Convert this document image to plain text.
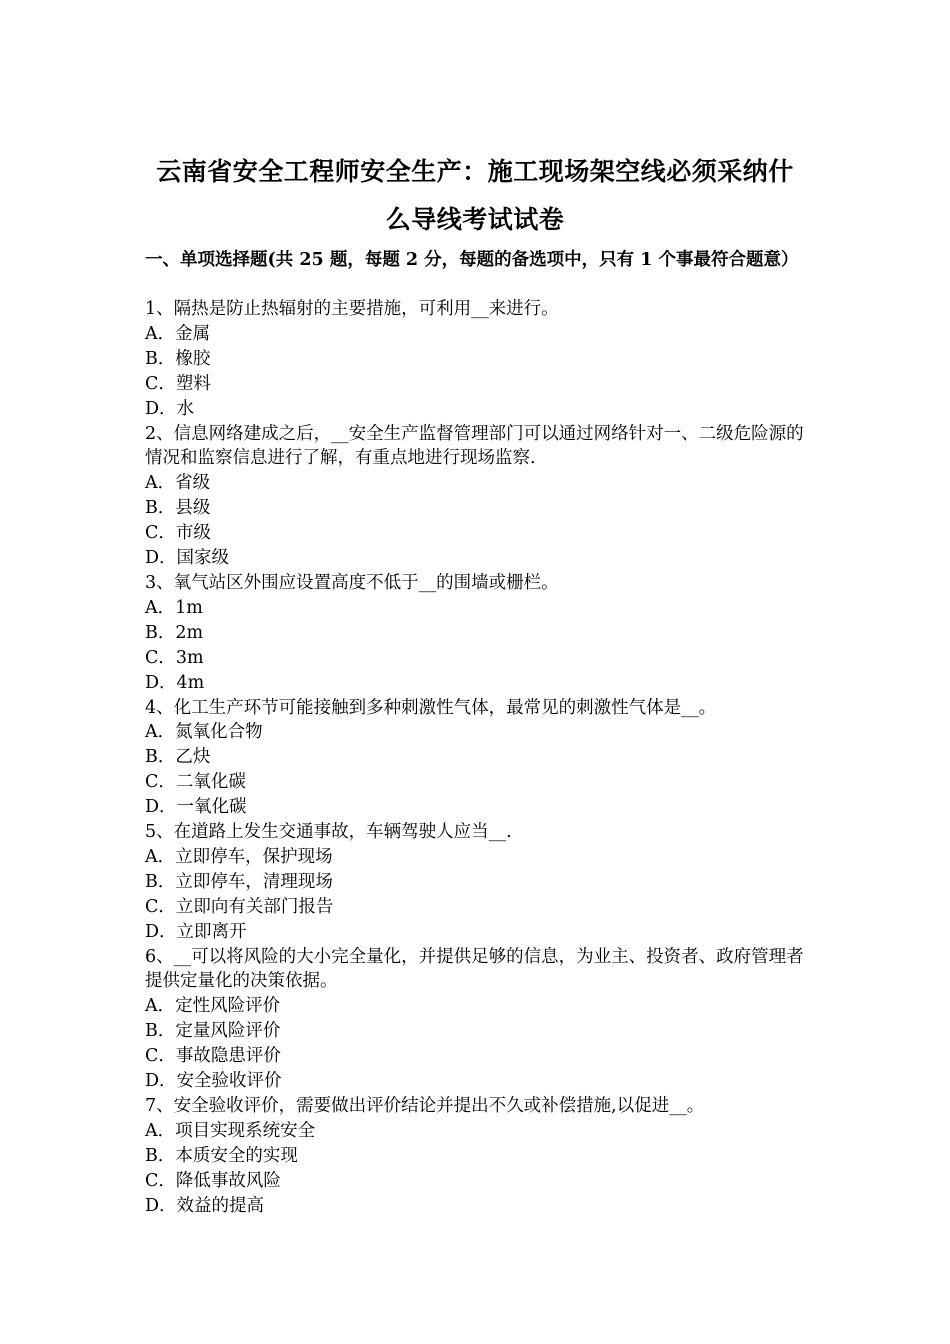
云南省安全工程师安全生产：施工现场架空线必须采纳什
么导线考试试卷
一、单项选择题(共 25 题，每题 2 分，每题的备选项中，只有 1 个事最符合题意）
1、隔热是防止热辐射的主要措施，可利用__来进行。
A．金属
B．橡胶
C．塑料
D．水
2、信息网络建成之后，__安全生产监督管理部门可以通过网络针对一、二级危险源的情况和监察信息进行了解，有重点地进行现场监察.
A．省级
B．县级
C．市级
D．国家级
3、氧气站区外围应设置高度不低于__的围墙或栅栏。
A．1m
B．2m
C．3m
D．4m
4、化工生产环节可能接触到多种刺激性气体，最常见的刺激性气体是__。
A．氮氧化合物
B．乙炔
C．二氧化碳
D．一氧化碳
5、在道路上发生交通事故，车辆驾驶人应当__.
A．立即停车，保护现场
B．立即停车，清理现场
C．立即向有关部门报告
D．立即离开
6、__可以将风险的大小完全量化，并提供足够的信息，为业主、投资者、政府管理者提供定量化的决策依据。
A．定性风险评价
B．定量风险评价
C．事故隐患评价
D．安全验收评价
7、安全验收评价，需要做出评价结论并提出不久或补偿措施,以促进__。
A．项目实现系统安全
B．本质安全的实现
C．降低事故风险
D．效益的提高
